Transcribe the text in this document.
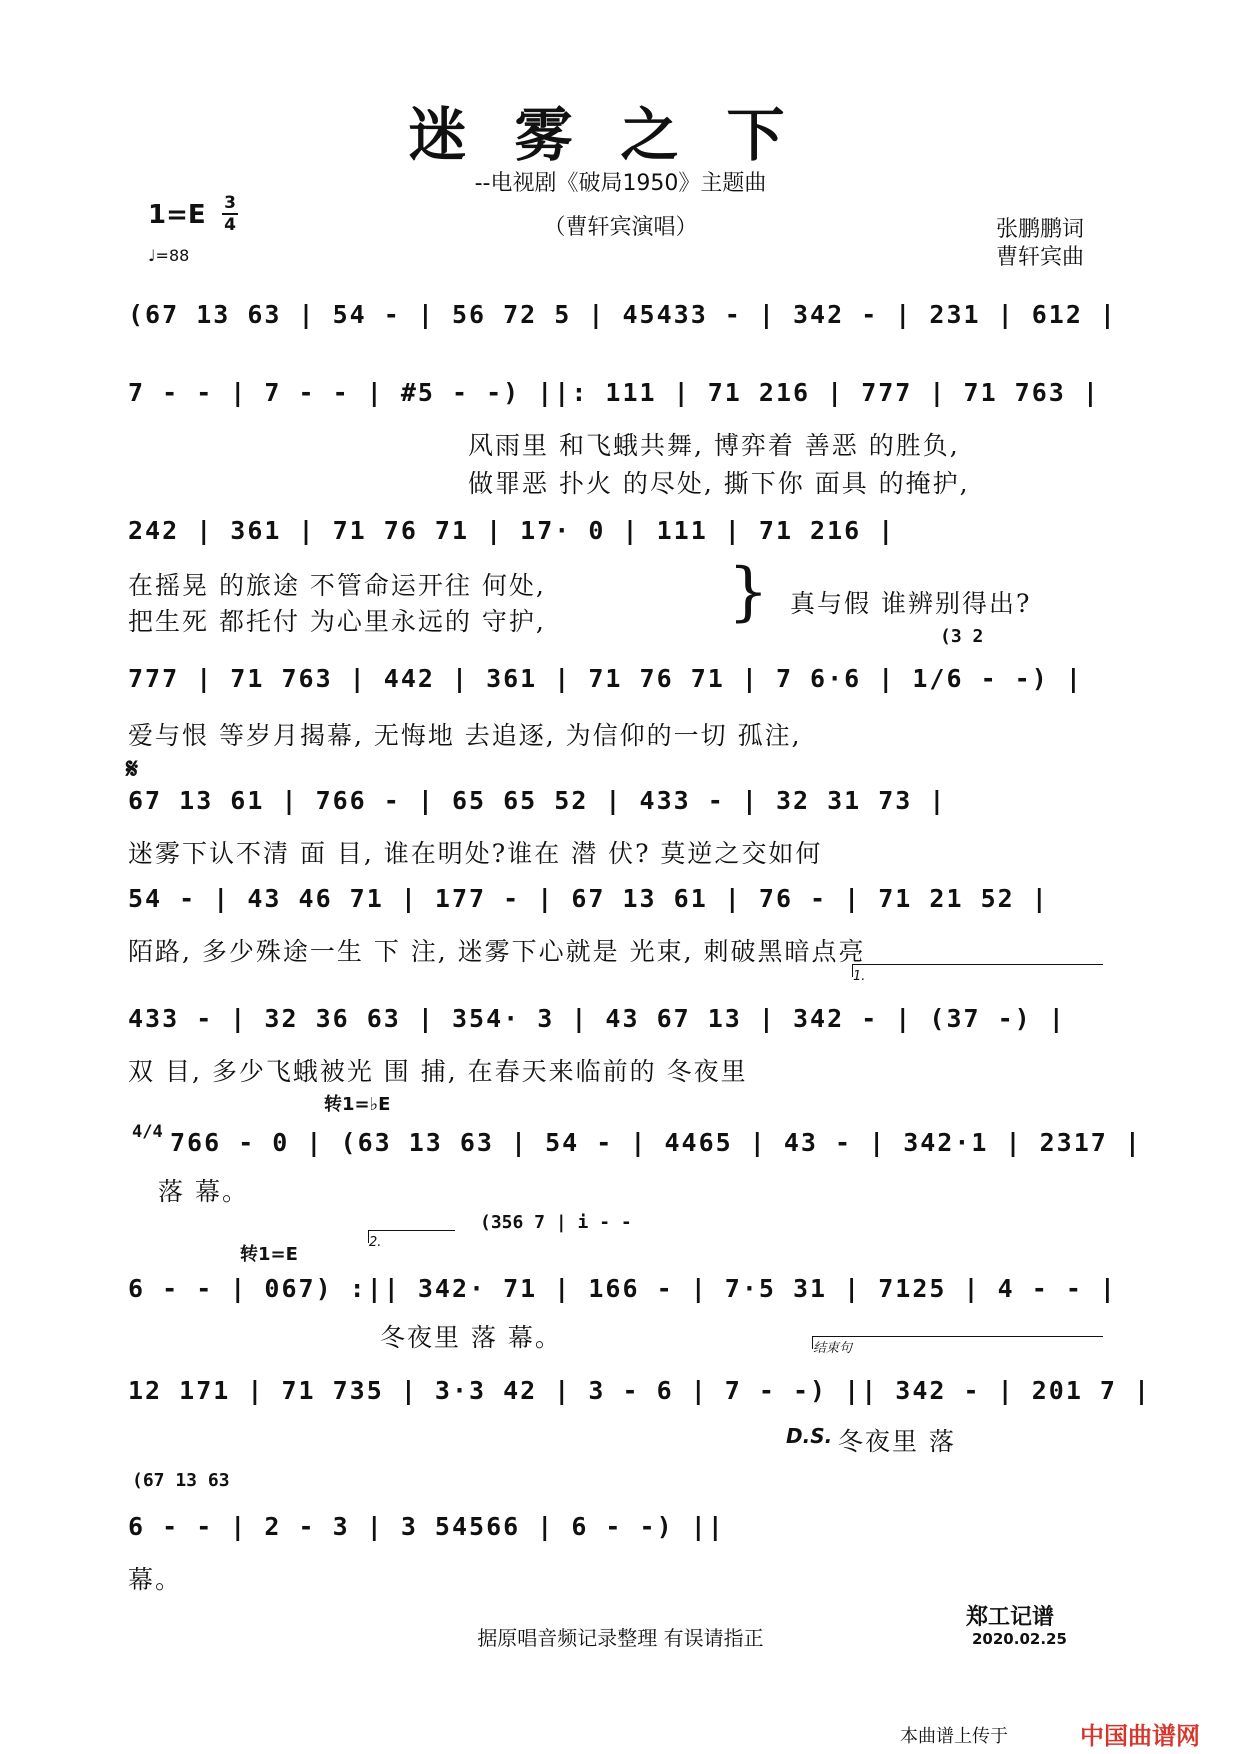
迷雾之下
--电视剧《破局1950》主题曲
（曹轩宾演唱）
1=E 3
4
♩=88
张鹏鹏词
曹轩宾曲
(67 13 63 | 54 - | 56 72 5 | 45433 - | 342 - | 231 | 612 |
7 - - | 7 - - | #5 - -) ||: 111 | 71 216 | 777 | 71 763 |
风雨里 和飞蛾共舞, 博弈着 善恶 的胜负,
做罪恶 扑火 的尽处, 撕下你 面具 的掩护,
242 | 361 | 71 76 71 | 17· 0 | 111 | 71 216 |
在摇晃 的旅途 不管命运开往 何处,
把生死 都托付 为心里永远的 守护,	} 真与假 谁辨别得出?
(3 2
777 | 71 763 | 442 | 361 | 71 76 71 | 7 6·6 | 1/6 - -) |
爱与恨 等岁月揭幕, 无悔地 去追逐, 为信仰的一切 孤注,
𝄋
67 13 61 | 766 - | 65 65 52 | 433 - | 32 31 73 |
迷雾下认不清 面 目, 谁在明处?谁在 潜 伏? 莫逆之交如何
54 - | 43 46 71 | 177 - | 67 13 61 | 76 - | 71 21 52 |
陌路, 多少殊途一生 下 注, 迷雾下心就是 光束, 刺破黑暗点亮
1.
433 - | 32 36 63 | 354· 3 | 43 67 13 | 342 - | (37 -) |
双 目, 多少飞蛾被光 围 捕, 在春天来临前的 冬夜里
转1=♭E
4/4 766 - 0 | (63 13 63 | 54 - | 4465 | 43 - | 342·1 | 2317 |
落 幕。
(356 7 | i - -
2.
转1=E
6 - - | 067) :|| 342· 71 | 166 - | 7·5 31 | 7125 | 4 - - |
冬夜里 落 幕。	结束句
12 171 | 71 735 | 3·3 42 | 3 - 6 | 7 - -) || 342 - | 201 7 |
D.S. 冬夜里 落
(67 13 63
6 - - | 2 - 3 | 3 54566 | 6 - -) ||
幕。
郑工记谱
2020.02.25
据原唱音频记录整理 有误请指正
本曲谱上传于	中国曲谱网
